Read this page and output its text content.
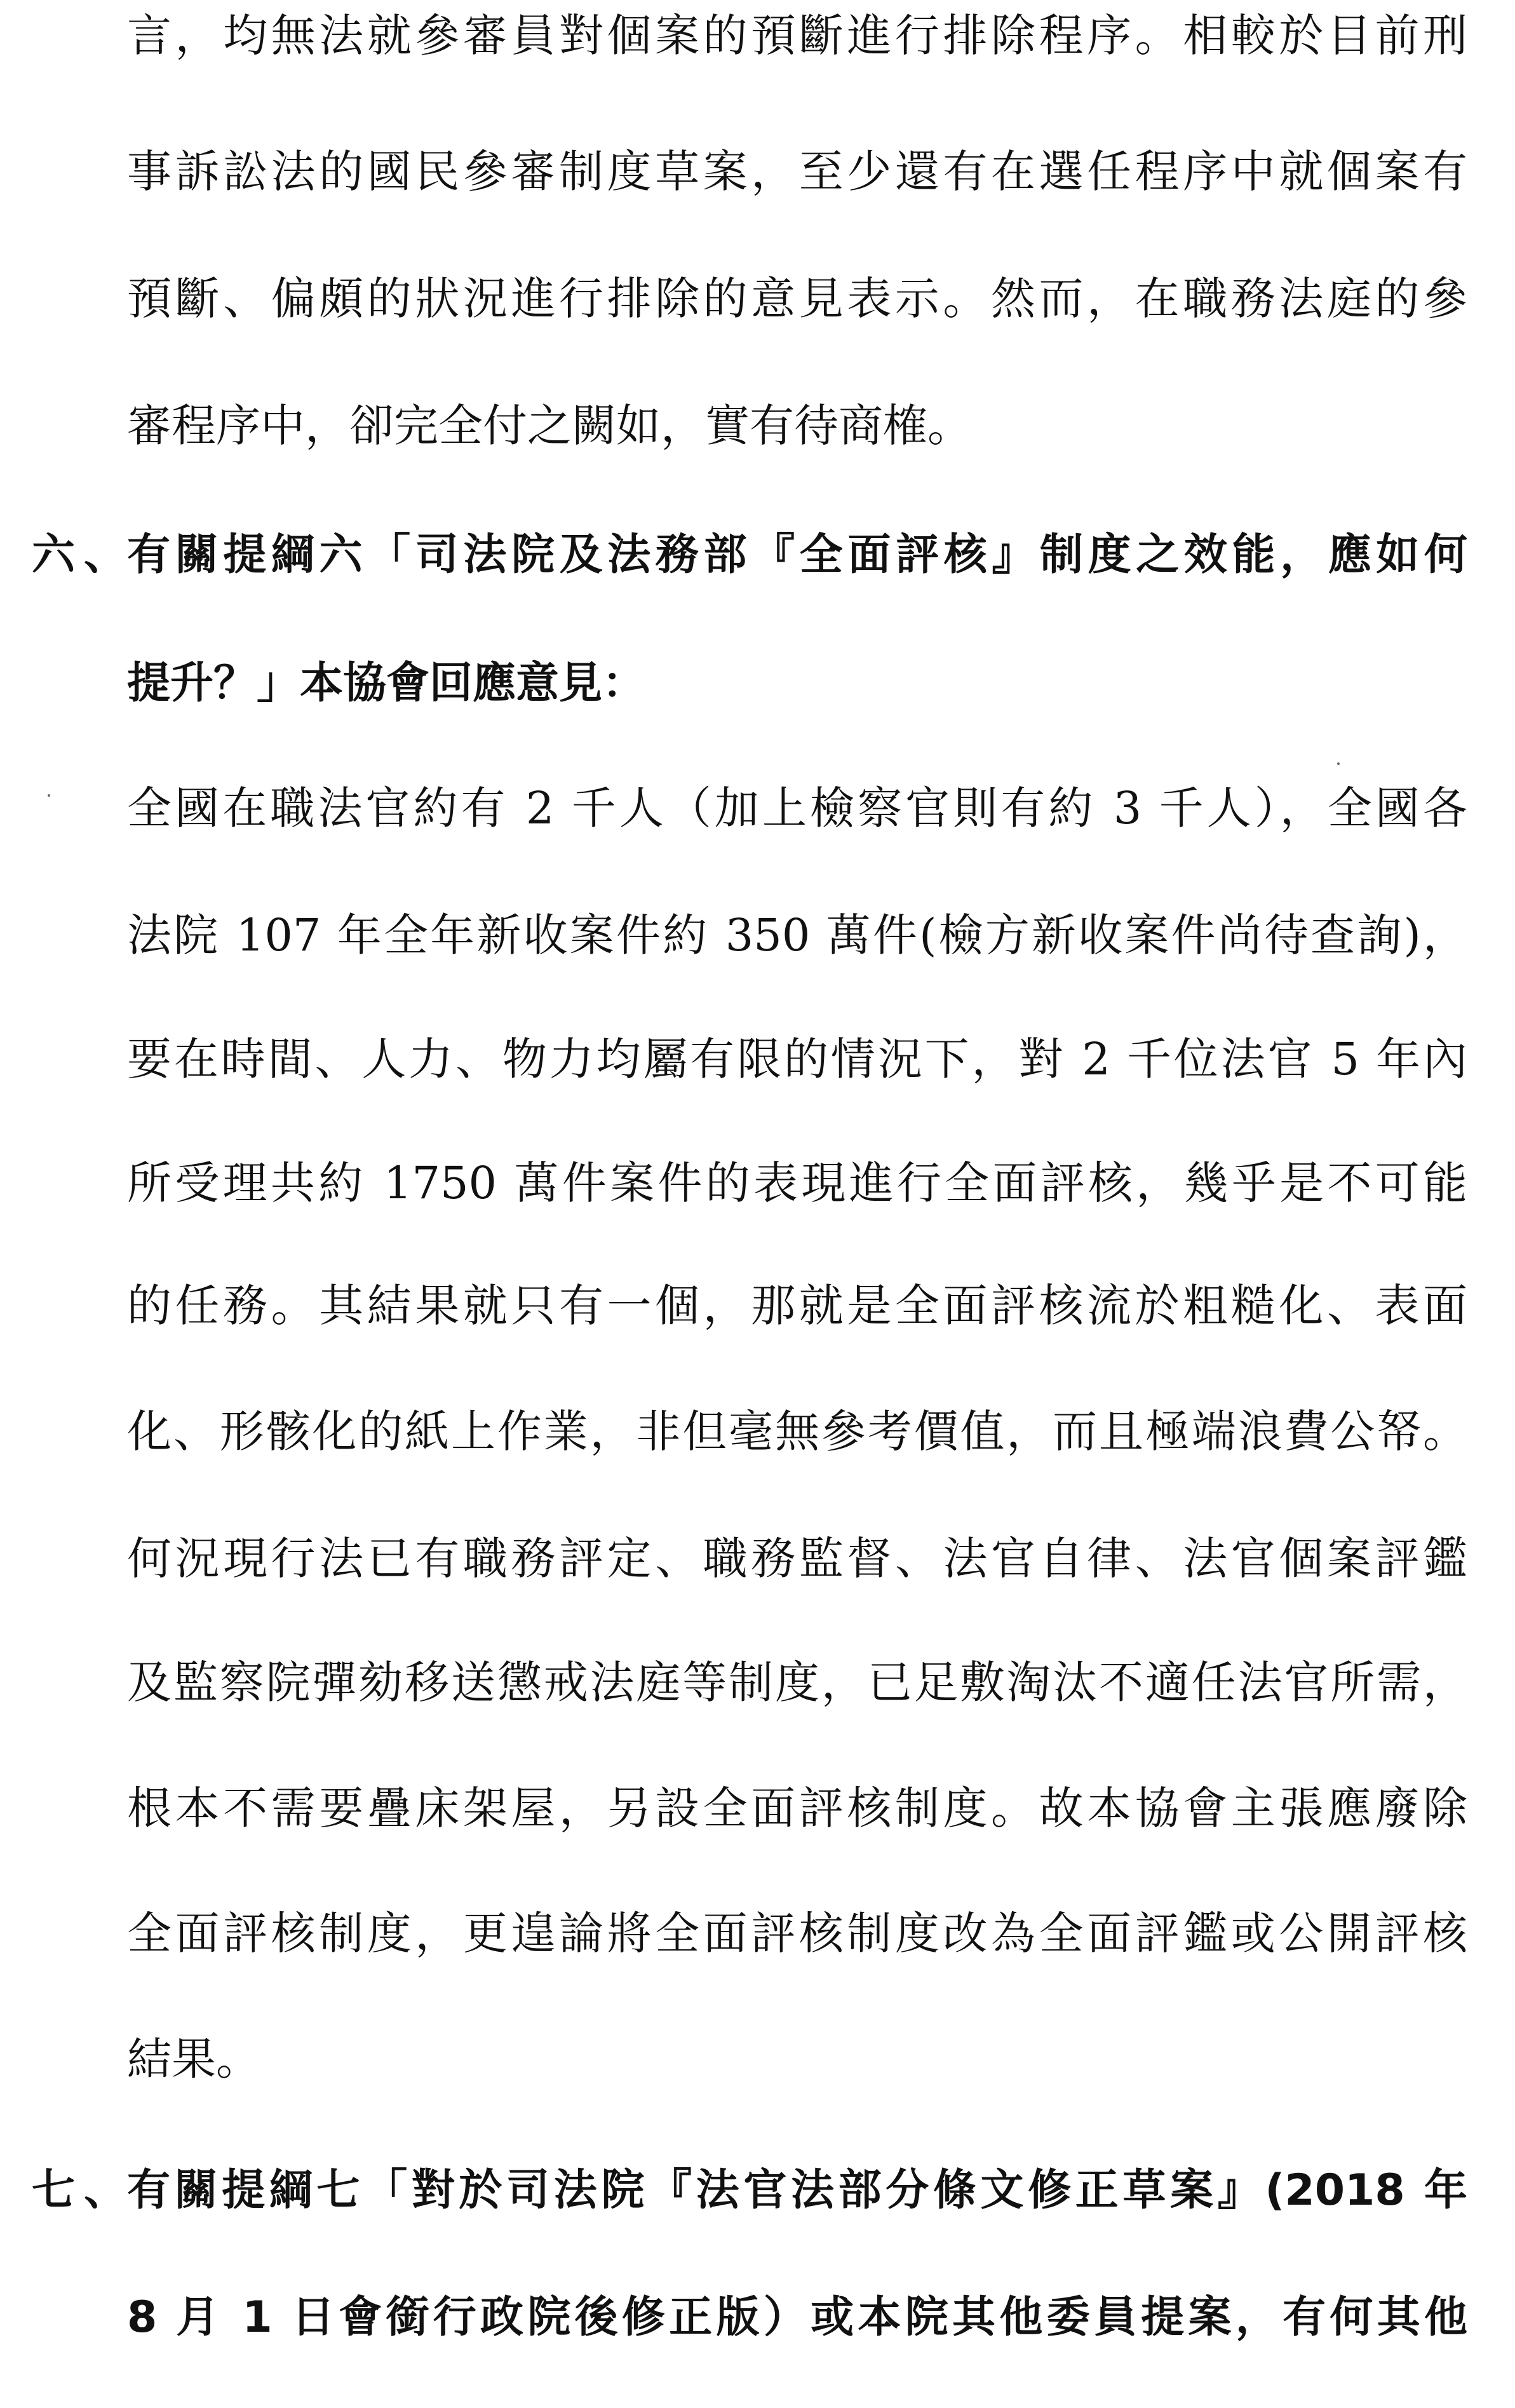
言，均無法就參審員對個案的預斷進行排除程序。相較於目前刑
事訴訟法的國民參審制度草案，至少還有在選任程序中就個案有
預斷、偏頗的狀況進行排除的意見表示。然而，在職務法庭的參
審程序中，卻完全付之闕如，實有待商榷。
六、 有關提綱六「司法院及法務部『全面評核』制度之效能，應如何
提升？」本協會回應意見：
全國在職法官約有 2 千人（加上檢察官則有約 3 千人），全國各
法院 107 年全年新收案件約 350 萬件(檢方新收案件尚待查詢)，
要在時間、人力、物力均屬有限的情況下，對 2 千位法官 5 年內
所受理共約 1750 萬件案件的表現進行全面評核，幾乎是不可能
的任務。其結果就只有一個，那就是全面評核流於粗糙化、表面
化、形骸化的紙上作業，非但毫無參考價值，而且極端浪費公帑。
何況現行法已有職務評定、職務監督、法官自律、法官個案評鑑
及監察院彈劾移送懲戒法庭等制度，已足敷淘汰不適任法官所需，
根本不需要疊床架屋，另設全面評核制度。故本協會主張應廢除
全面評核制度，更遑論將全面評核制度改為全面評鑑或公開評核
結果。
七、 有關提綱七「對於司法院『法官法部分條文修正草案』(2018 年
8 月 1 日會銜行政院後修正版）或本院其他委員提案，有何其他
